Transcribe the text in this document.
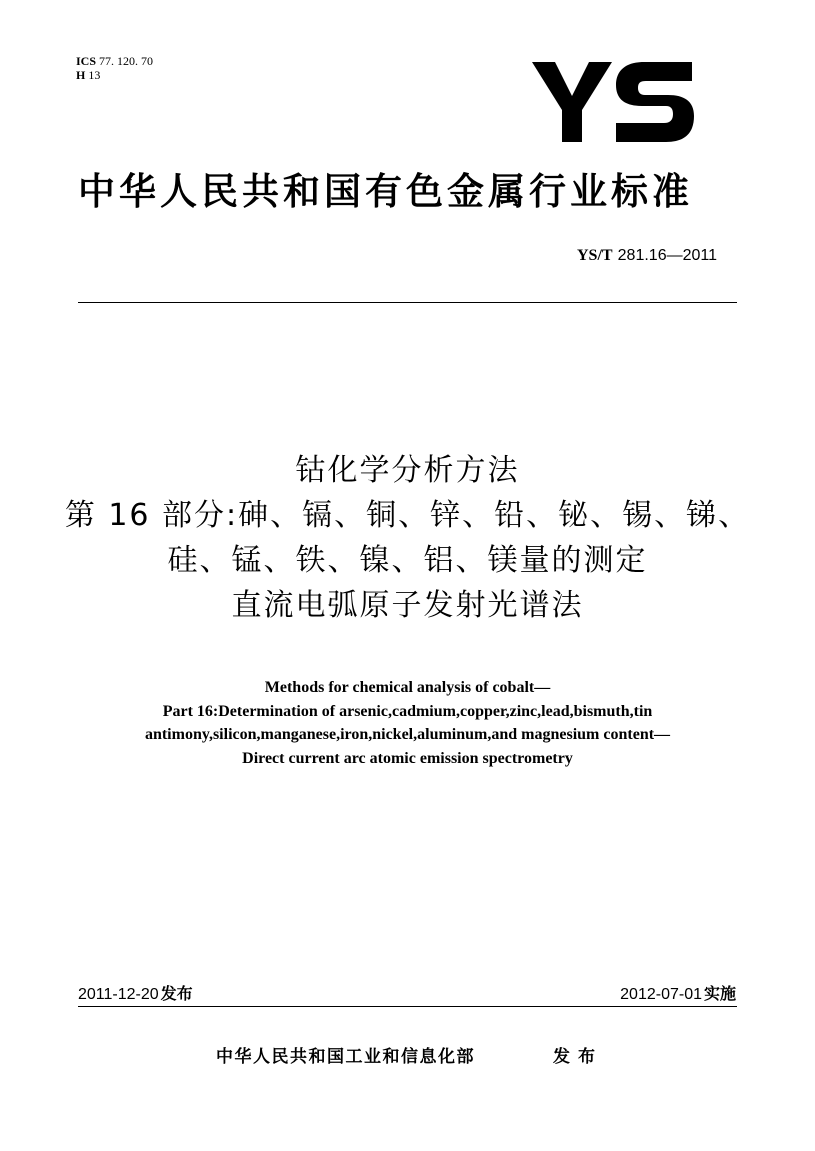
ICS 77. 120. 70
H 13
中华人民共和国有色金属行业标准
YS/T 281.16—2011
钴化学分析方法
第 16 部分:砷、镉、铜、锌、铅、铋、锡、锑、
硅、锰、铁、镍、铝、镁量的测定
直流电弧原子发射光谱法
Methods for chemical analysis of cobalt—
Part 16:Determination of arsenic,cadmium,copper,zinc,lead,bismuth,tin
antimony,silicon,manganese,iron,nickel,aluminum,and magnesium content—
Direct current arc atomic emission spectrometry
2011-12-20 发布	2012-07-01 实施
中华人民共和国工业和信息化部	发布
